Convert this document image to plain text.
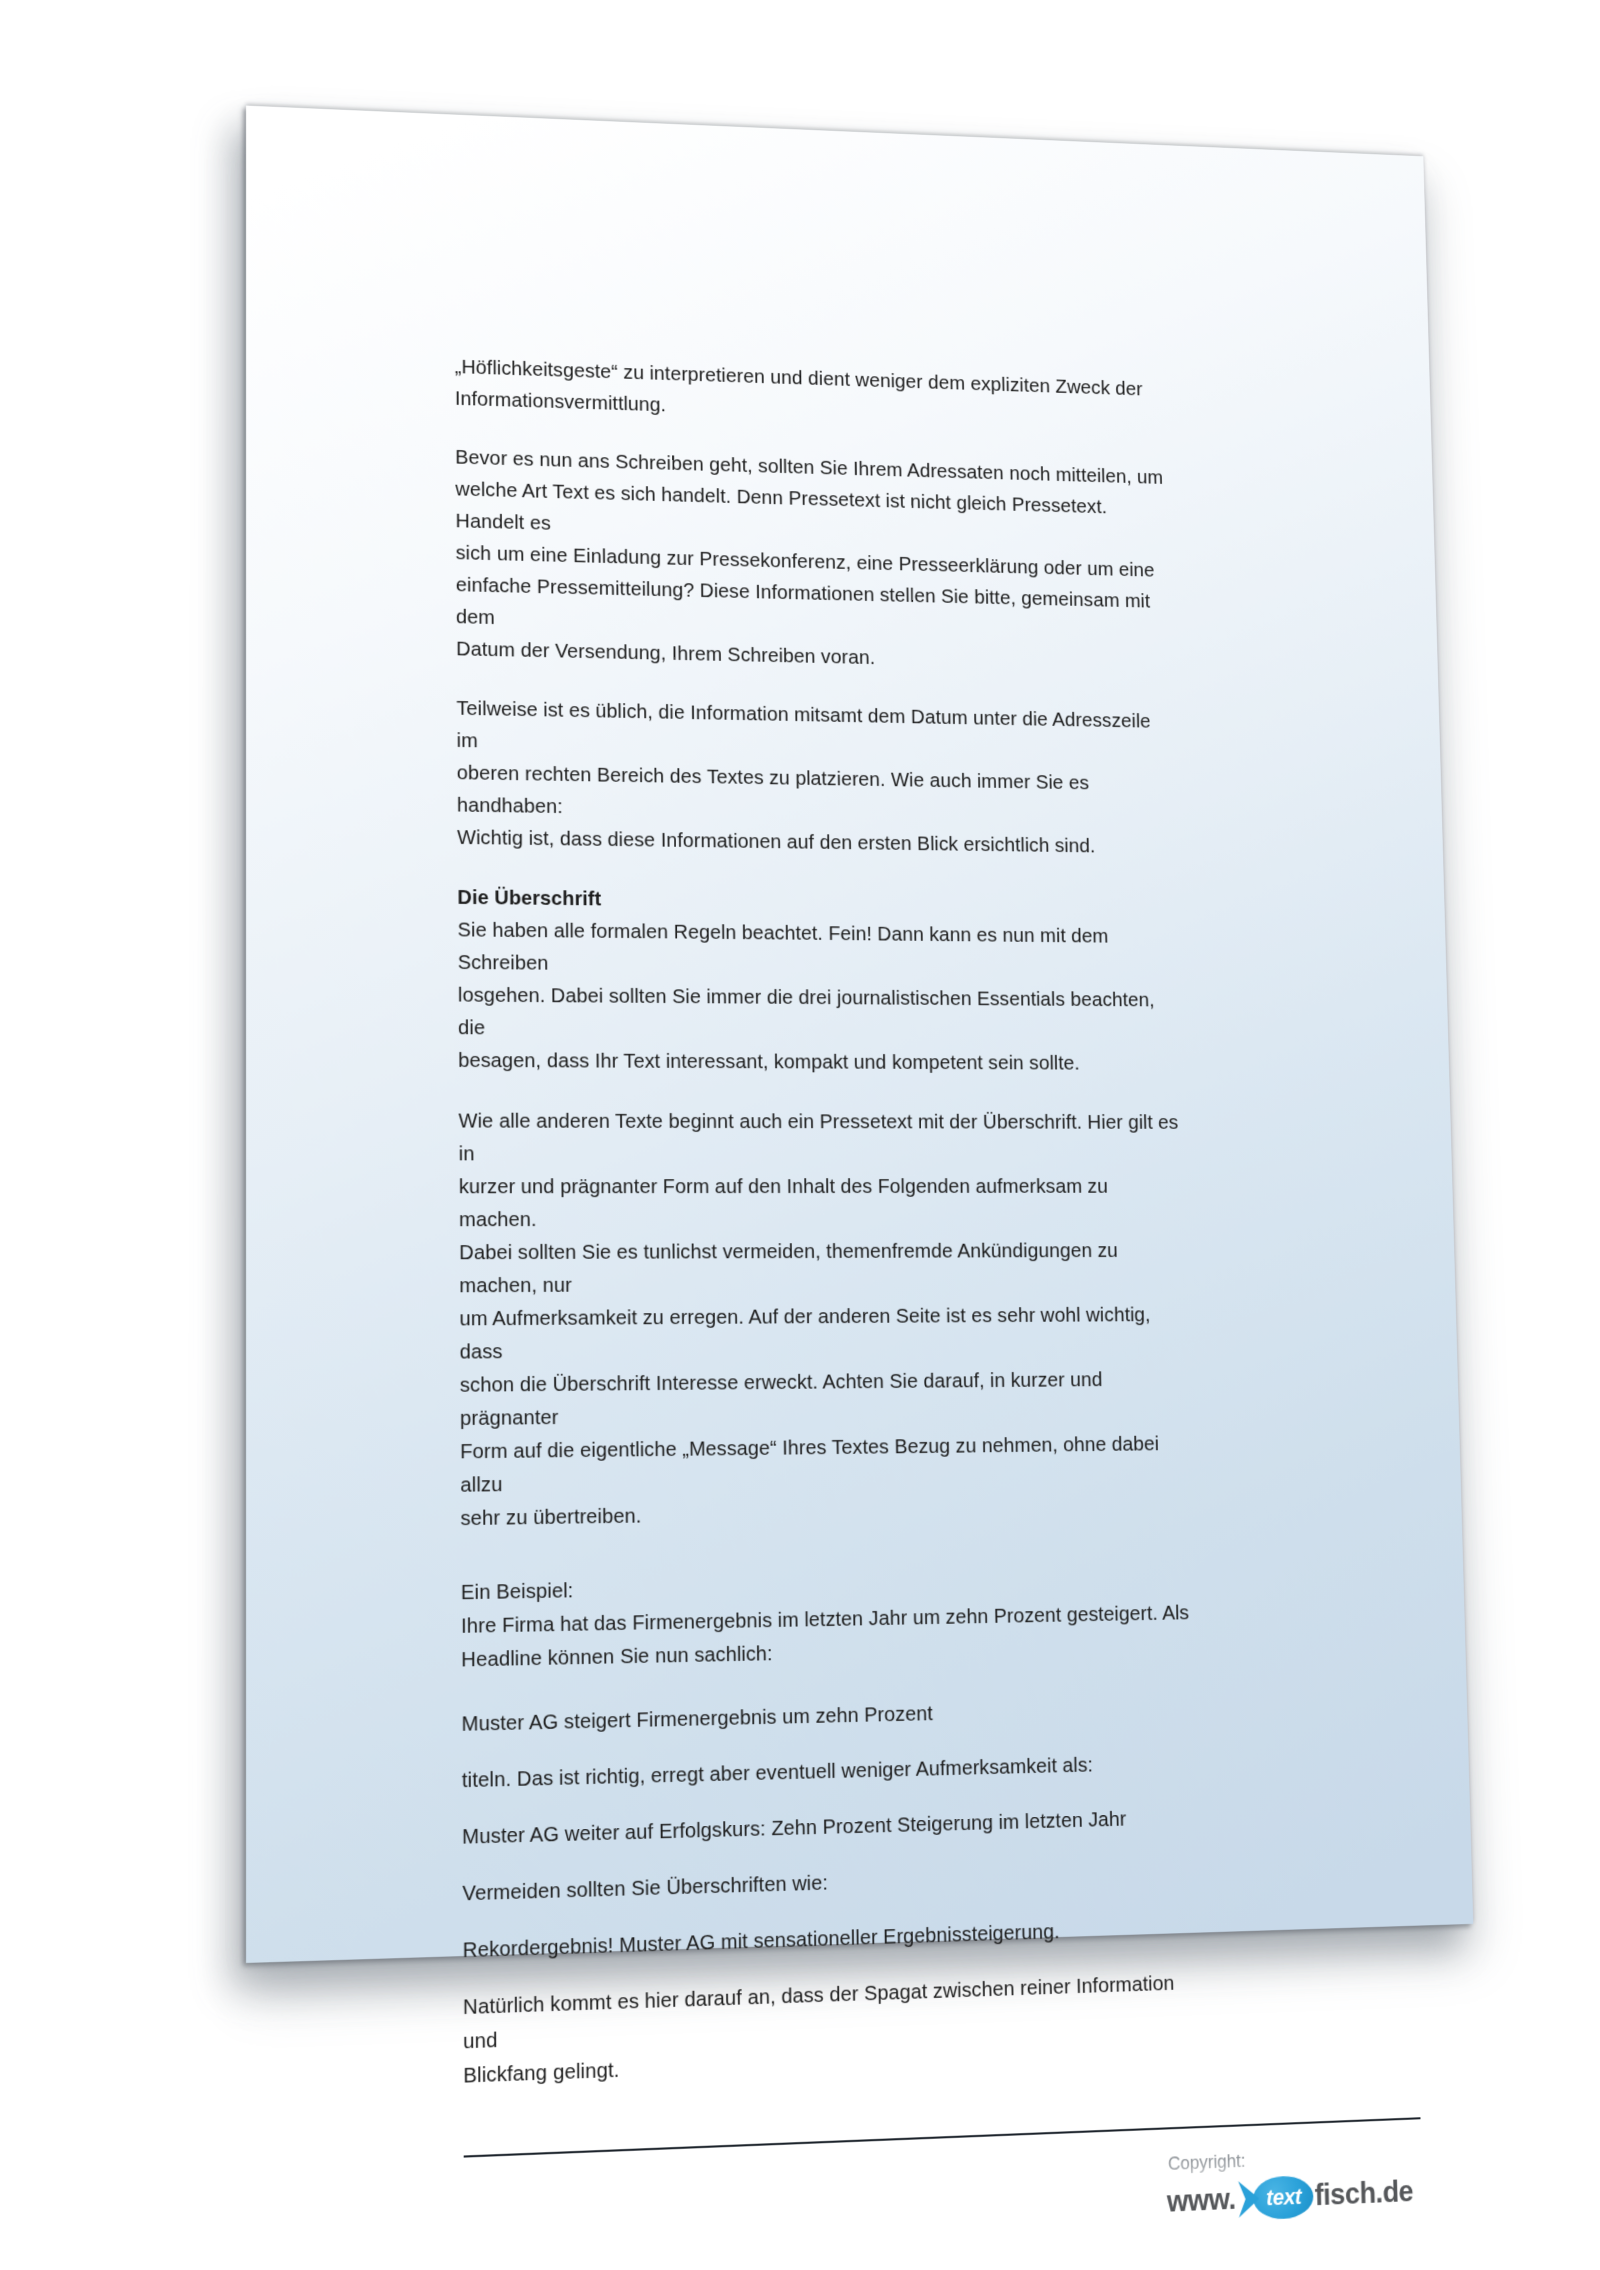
„Höflichkeitsgeste“ zu interpretieren und dient weniger dem expliziten Zweck der
Informationsvermittlung.

Bevor es nun ans Schreiben geht, sollten Sie Ihrem Adressaten noch mitteilen, um
welche Art Text es sich handelt. Denn Pressetext ist nicht gleich Pressetext. Handelt es
sich um eine Einladung zur Pressekonferenz, eine Presseerklärung oder um eine
einfache Pressemitteilung? Diese Informationen stellen Sie bitte, gemeinsam mit dem
Datum der Versendung, Ihrem Schreiben voran.

Teilweise ist es üblich, die Information mitsamt dem Datum unter die Adresszeile im
oberen rechten Bereich des Textes zu platzieren. Wie auch immer Sie es handhaben:
Wichtig ist, dass diese Informationen auf den ersten Blick ersichtlich sind.

Die Überschrift

Sie haben alle formalen Regeln beachtet. Fein! Dann kann es nun mit dem Schreiben
losgehen. Dabei sollten Sie immer die drei journalistischen Essentials beachten, die
besagen, dass Ihr Text interessant, kompakt und kompetent sein sollte.

Wie alle anderen Texte beginnt auch ein Pressetext mit der Überschrift. Hier gilt es in
kurzer und prägnanter Form auf den Inhalt des Folgenden aufmerksam zu machen.
Dabei sollten Sie es tunlichst vermeiden, themenfremde Ankündigungen zu machen, nur
um Aufmerksamkeit zu erregen. Auf der anderen Seite ist es sehr wohl wichtig, dass
schon die Überschrift Interesse erweckt. Achten Sie darauf, in kurzer und prägnanter
Form auf die eigentliche „Message“ Ihres Textes Bezug zu nehmen, ohne dabei allzu
sehr zu übertreiben.

Ein Beispiel:

Ihre Firma hat das Firmenergebnis im letzten Jahr um zehn Prozent gesteigert. Als
Headline können Sie nun sachlich:

Muster AG steigert Firmenergebnis um zehn Prozent

titeln. Das ist richtig, erregt aber eventuell weniger Aufmerksamkeit als:

Muster AG weiter auf Erfolgskurs: Zehn Prozent Steigerung im letzten Jahr

Vermeiden sollten Sie Überschriften wie:

Rekordergebnis! Muster AG mit sensationeller Ergebnissteigerung.

Natürlich kommt es hier darauf an, dass der Spagat zwischen reiner Information und
Blickfang gelingt.

Copyright:

www. text fisch .de
